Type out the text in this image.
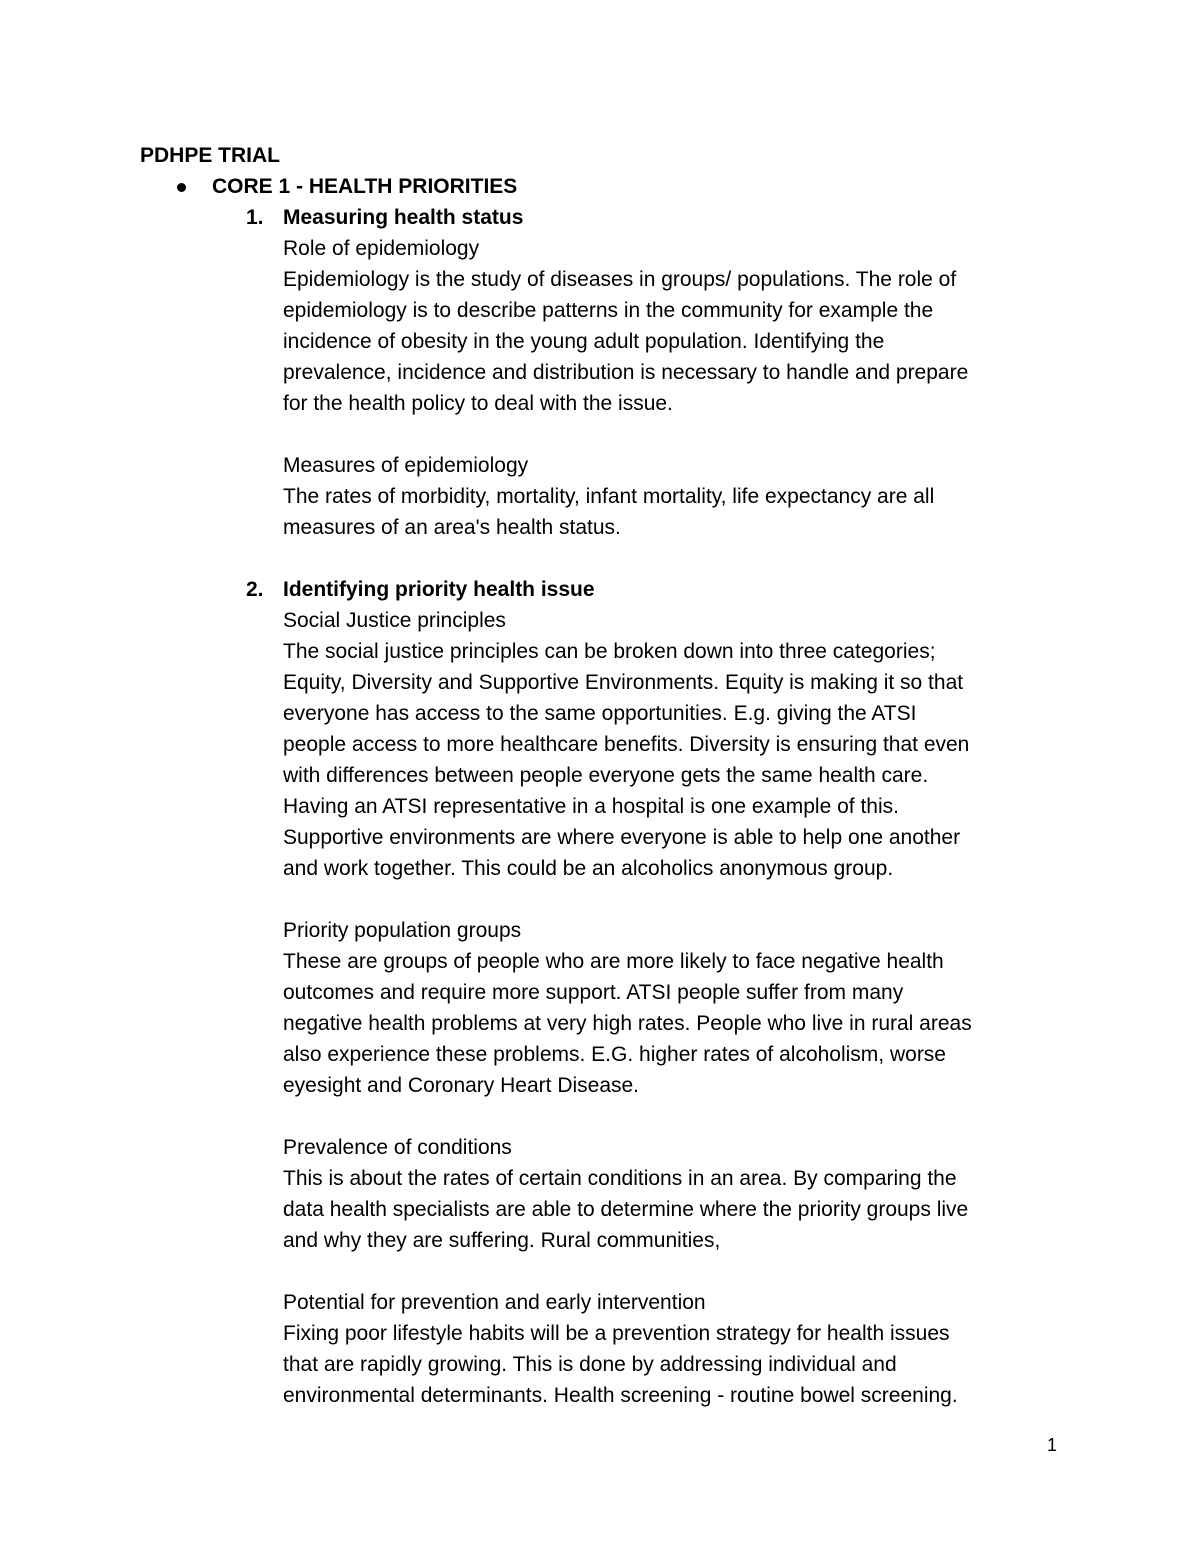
PDHPE TRIAL
CORE 1 - HEALTH PRIORITIES
1. Measuring health status
Role of epidemiology
Epidemiology is the study of diseases in groups/ populations. The role of
epidemiology is to describe patterns in the community for example the
incidence of obesity in the young adult population. Identifying the
prevalence, incidence and distribution is necessary to handle and prepare
for the health policy to deal with the issue.
Measures of epidemiology
The rates of morbidity, mortality, infant mortality, life expectancy are all
measures of an area's health status.
2. Identifying priority health issue
Social Justice principles
The social justice principles can be broken down into three categories;
Equity, Diversity and Supportive Environments. Equity is making it so that
everyone has access to the same opportunities. E.g. giving the ATSI
people access to more healthcare benefits. Diversity is ensuring that even
with differences between people everyone gets the same health care.
Having an ATSI representative in a hospital is one example of this.
Supportive environments are where everyone is able to help one another
and work together. This could be an alcoholics anonymous group.
Priority population groups
These are groups of people who are more likely to face negative health
outcomes and require more support. ATSI people suffer from many
negative health problems at very high rates. People who live in rural areas
also experience these problems. E.G. higher rates of alcoholism, worse
eyesight and Coronary Heart Disease.
Prevalence of conditions
This is about the rates of certain conditions in an area. By comparing the
data health specialists are able to determine where the priority groups live
and why they are suffering. Rural communities,
Potential for prevention and early intervention
Fixing poor lifestyle habits will be a prevention strategy for health issues
that are rapidly growing. This is done by addressing individual and
environmental determinants. Health screening - routine bowel screening.
1
